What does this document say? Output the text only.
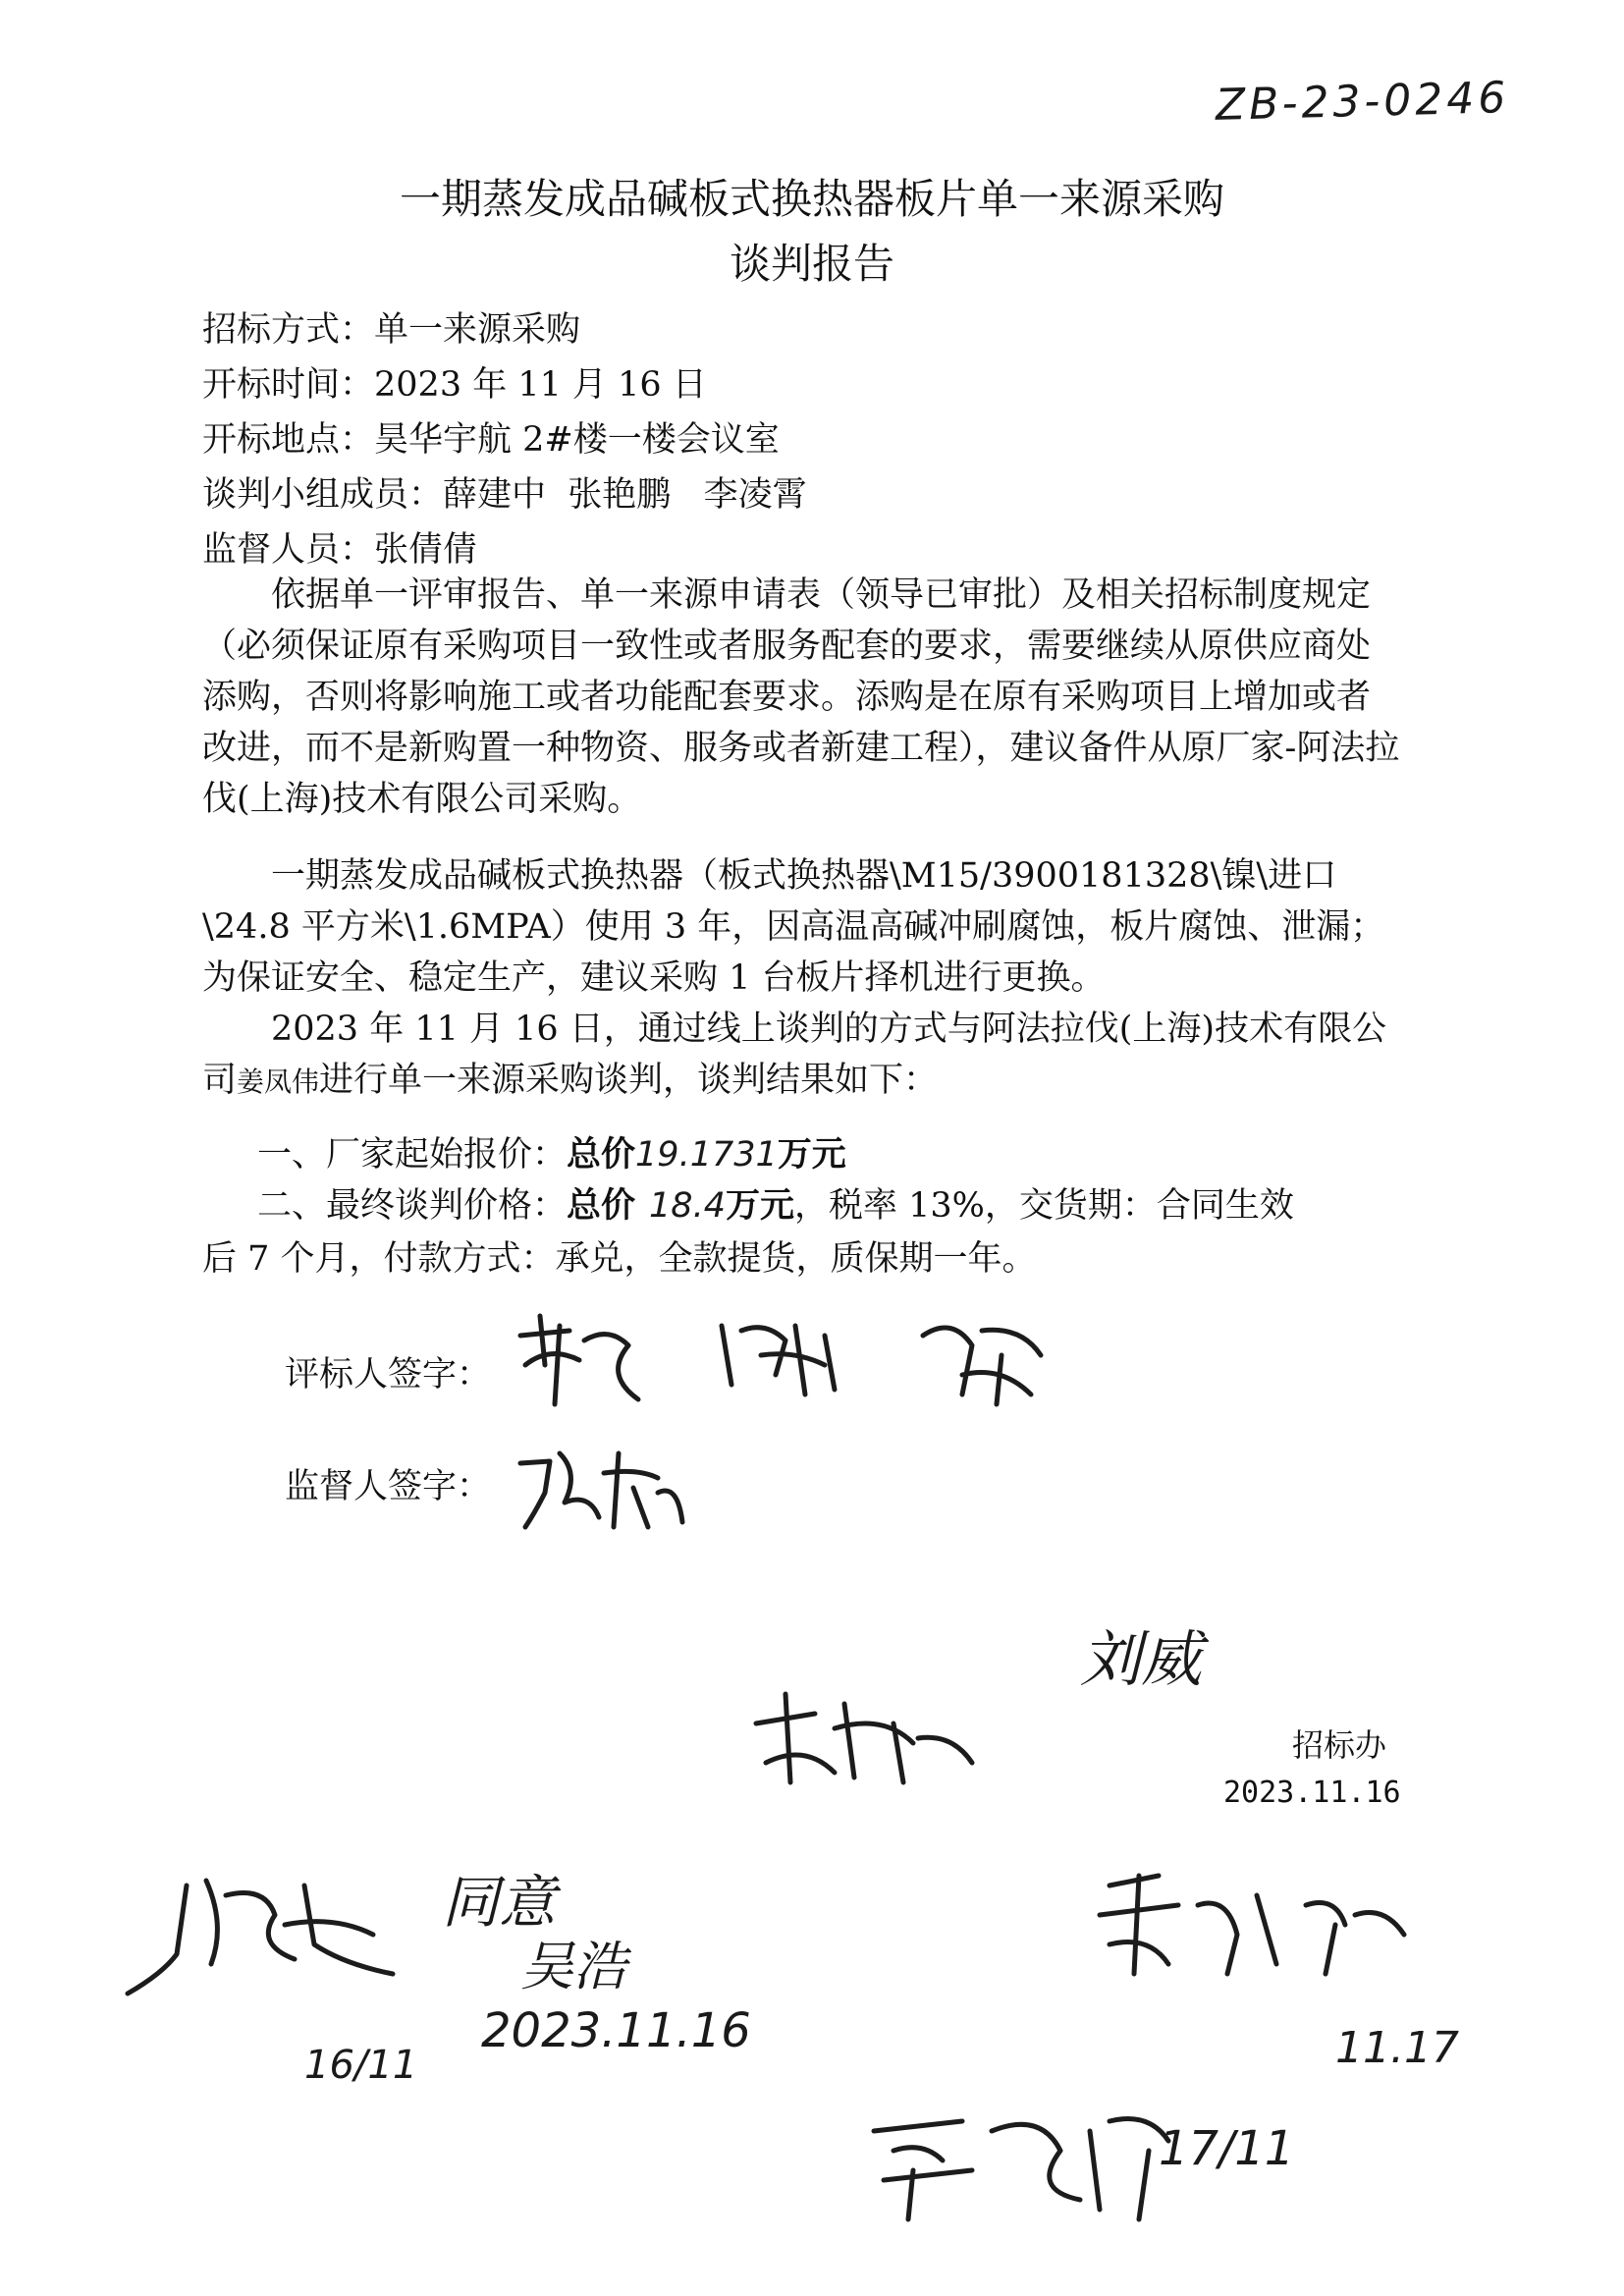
ZB-23-0246
一期蒸发成品碱板式换热器板片单一来源采购
谈判报告
招标方式：单一来源采购
开标时间：2023 年 11 月 16 日
开标地点：昊华宇航 2#楼一楼会议室
谈判小组成员：薛建中  张艳鹏   李凌霄
监督人员：张倩倩
依据单一评审报告、单一来源申请表（领导已审批）及相关招标制度规定（必须保证原有采购项目一致性或者服务配套的要求，需要继续从原供应商处添购，否则将影响施工或者功能配套要求。添购是在原有采购项目上增加或者改进，而不是新购置一种物资、服务或者新建工程），建议备件从原厂家-阿法拉伐(上海)技术有限公司采购。
一期蒸发成品碱板式换热器（板式换热器\M15/3900181328\镍\进口\24.8 平方米\1.6MPA）使用 3 年，因高温高碱冲刷腐蚀，板片腐蚀、泄漏；为保证安全、稳定生产，建议采购 1 台板片择机进行更换。
2023 年 11 月 16 日，通过线上谈判的方式与阿法拉伐(上海)技术有限公司姜凤伟进行单一来源采购谈判，谈判结果如下：
一、厂家起始报价：总价19.1731万元
二、最终谈判价格：总价 18.4万元，税率 13%，交货期：合同生效
后 7 个月，付款方式：承兑，全款提货，质保期一年。
评标人签字：
监督人签字：
刘威
招标办
2023.11.16
同意
吴浩
2023.11.16
16/11	11.17
17/11
